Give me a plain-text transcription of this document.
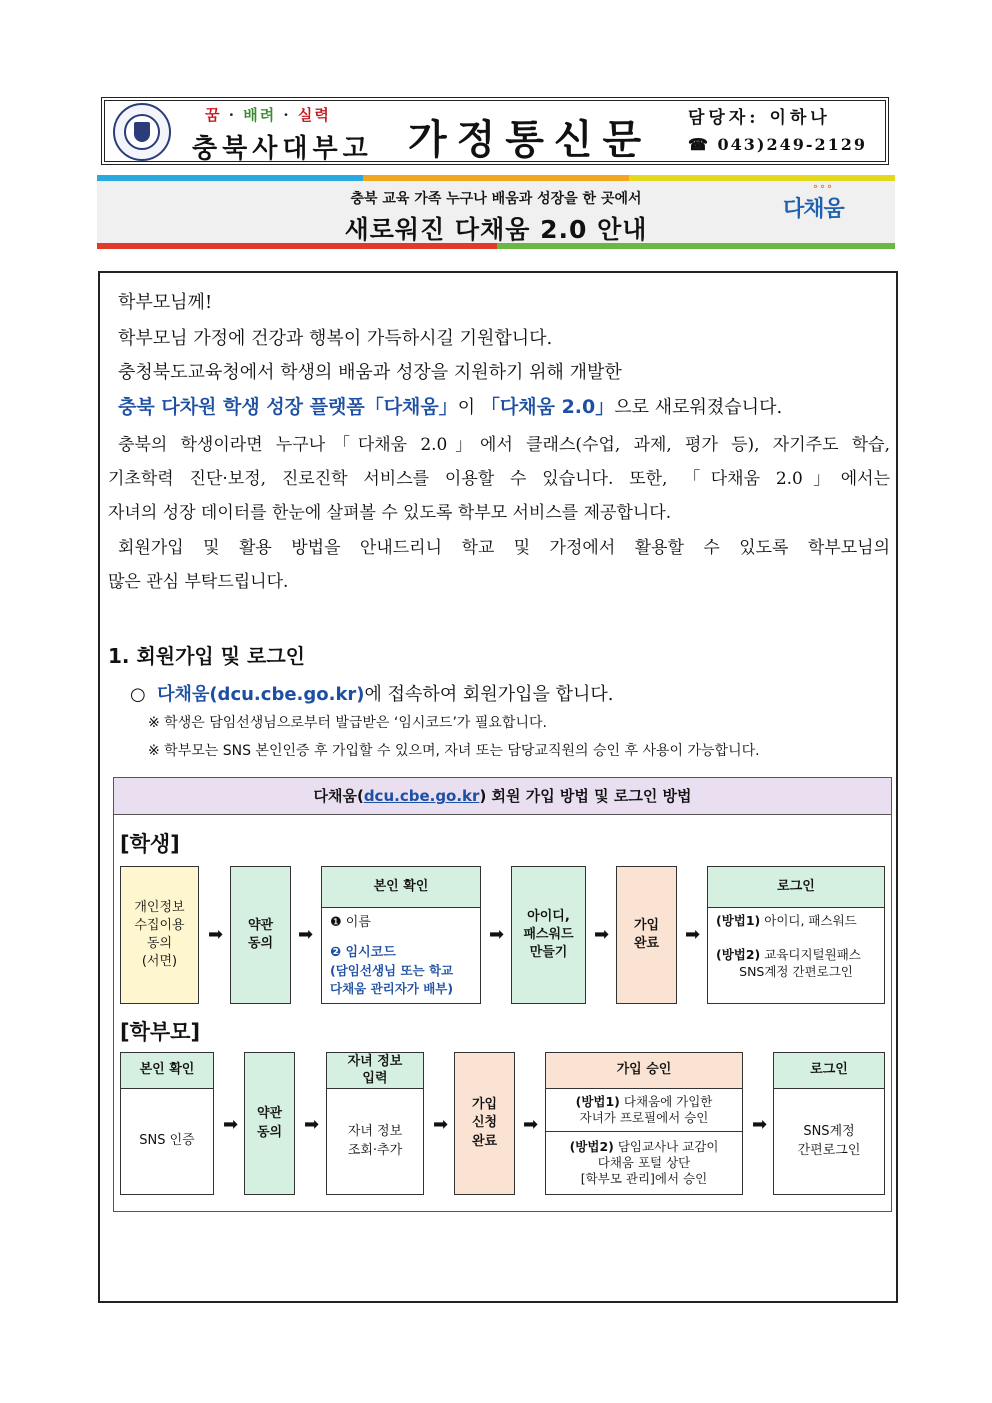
꿈 · 배려 · 실력
충북사대부고 가정통신문 담당자: 이하나
☎ 043)249-2129
충북 교육 가족 누구나 배움과 성장을 한 곳에서
새로워진 다채움 2.0 안내
°°°
다채움
학부모님께!
학부모님 가정에 건강과 행복이 가득하시길 기원합니다.
충청북도교육청에서 학생의 배움과 성장을 지원하기 위해 개발한
충북 다차원 학생 성장 플랫폼「다채움」이 「다채움 2.0」으로 새로워졌습니다.
충북의 학생이라면 누구나「다채움 2.0」에서 클래스(수업, 과제, 평가 등), 자기주도 학습,
기초학력 진단·보정, 진로진학 서비스를 이용할 수 있습니다. 또한, 「다채움 2.0」에서는
자녀의 성장 데이터를 한눈에 살펴볼 수 있도록 학부모 서비스를 제공합니다.
회원가입 및 활용 방법을 안내드리니 학교 및 가정에서 활용할 수 있도록 학부모님의
많은 관심 부탁드립니다.
1. 회원가입 및 로그인
○ 다채움(dcu.cbe.go.kr)에 접속하여 회원가입을 합니다.
※ 학생은 담임선생님으로부터 발급받은 ‘임시코드’가 필요합니다.
※ 학부모는 SNS 본인인증 후 가입할 수 있으며, 자녀 또는 담당교직원의 승인 후 사용이 가능합니다.
다채움(dcu.cbe.go.kr) 회원 가입 방법 및 로그인 방법
[학생]
개인정보
수집이용
동의
(서면)
➡	약관
동의	➡
본인 확인
❶ 이름
❷ 임시코드
(담임선생님 또는 학교
다채움 관리자가 배부)
➡
아이디,
패스워드
만들기
➡	가입
완료	➡
로그인
(방법1) 아이디, 패스워드
(방법2) 교육디지털원패스
SNS계정 간편로그인
[학부모]
본인 확인
SNS 인증
➡
약관
동의	➡
자녀 정보
입력
자녀 정보
조회·추가
➡
가입
신청
완료
➡
가입 승인
(방법1) 다채움에 가입한
자녀가 프로필에서 승인
(방법2) 담임교사나 교감이
다채움 포털 상단
[학부모 관리]에서 승인
➡
로그인
SNS계정
간편로그인
